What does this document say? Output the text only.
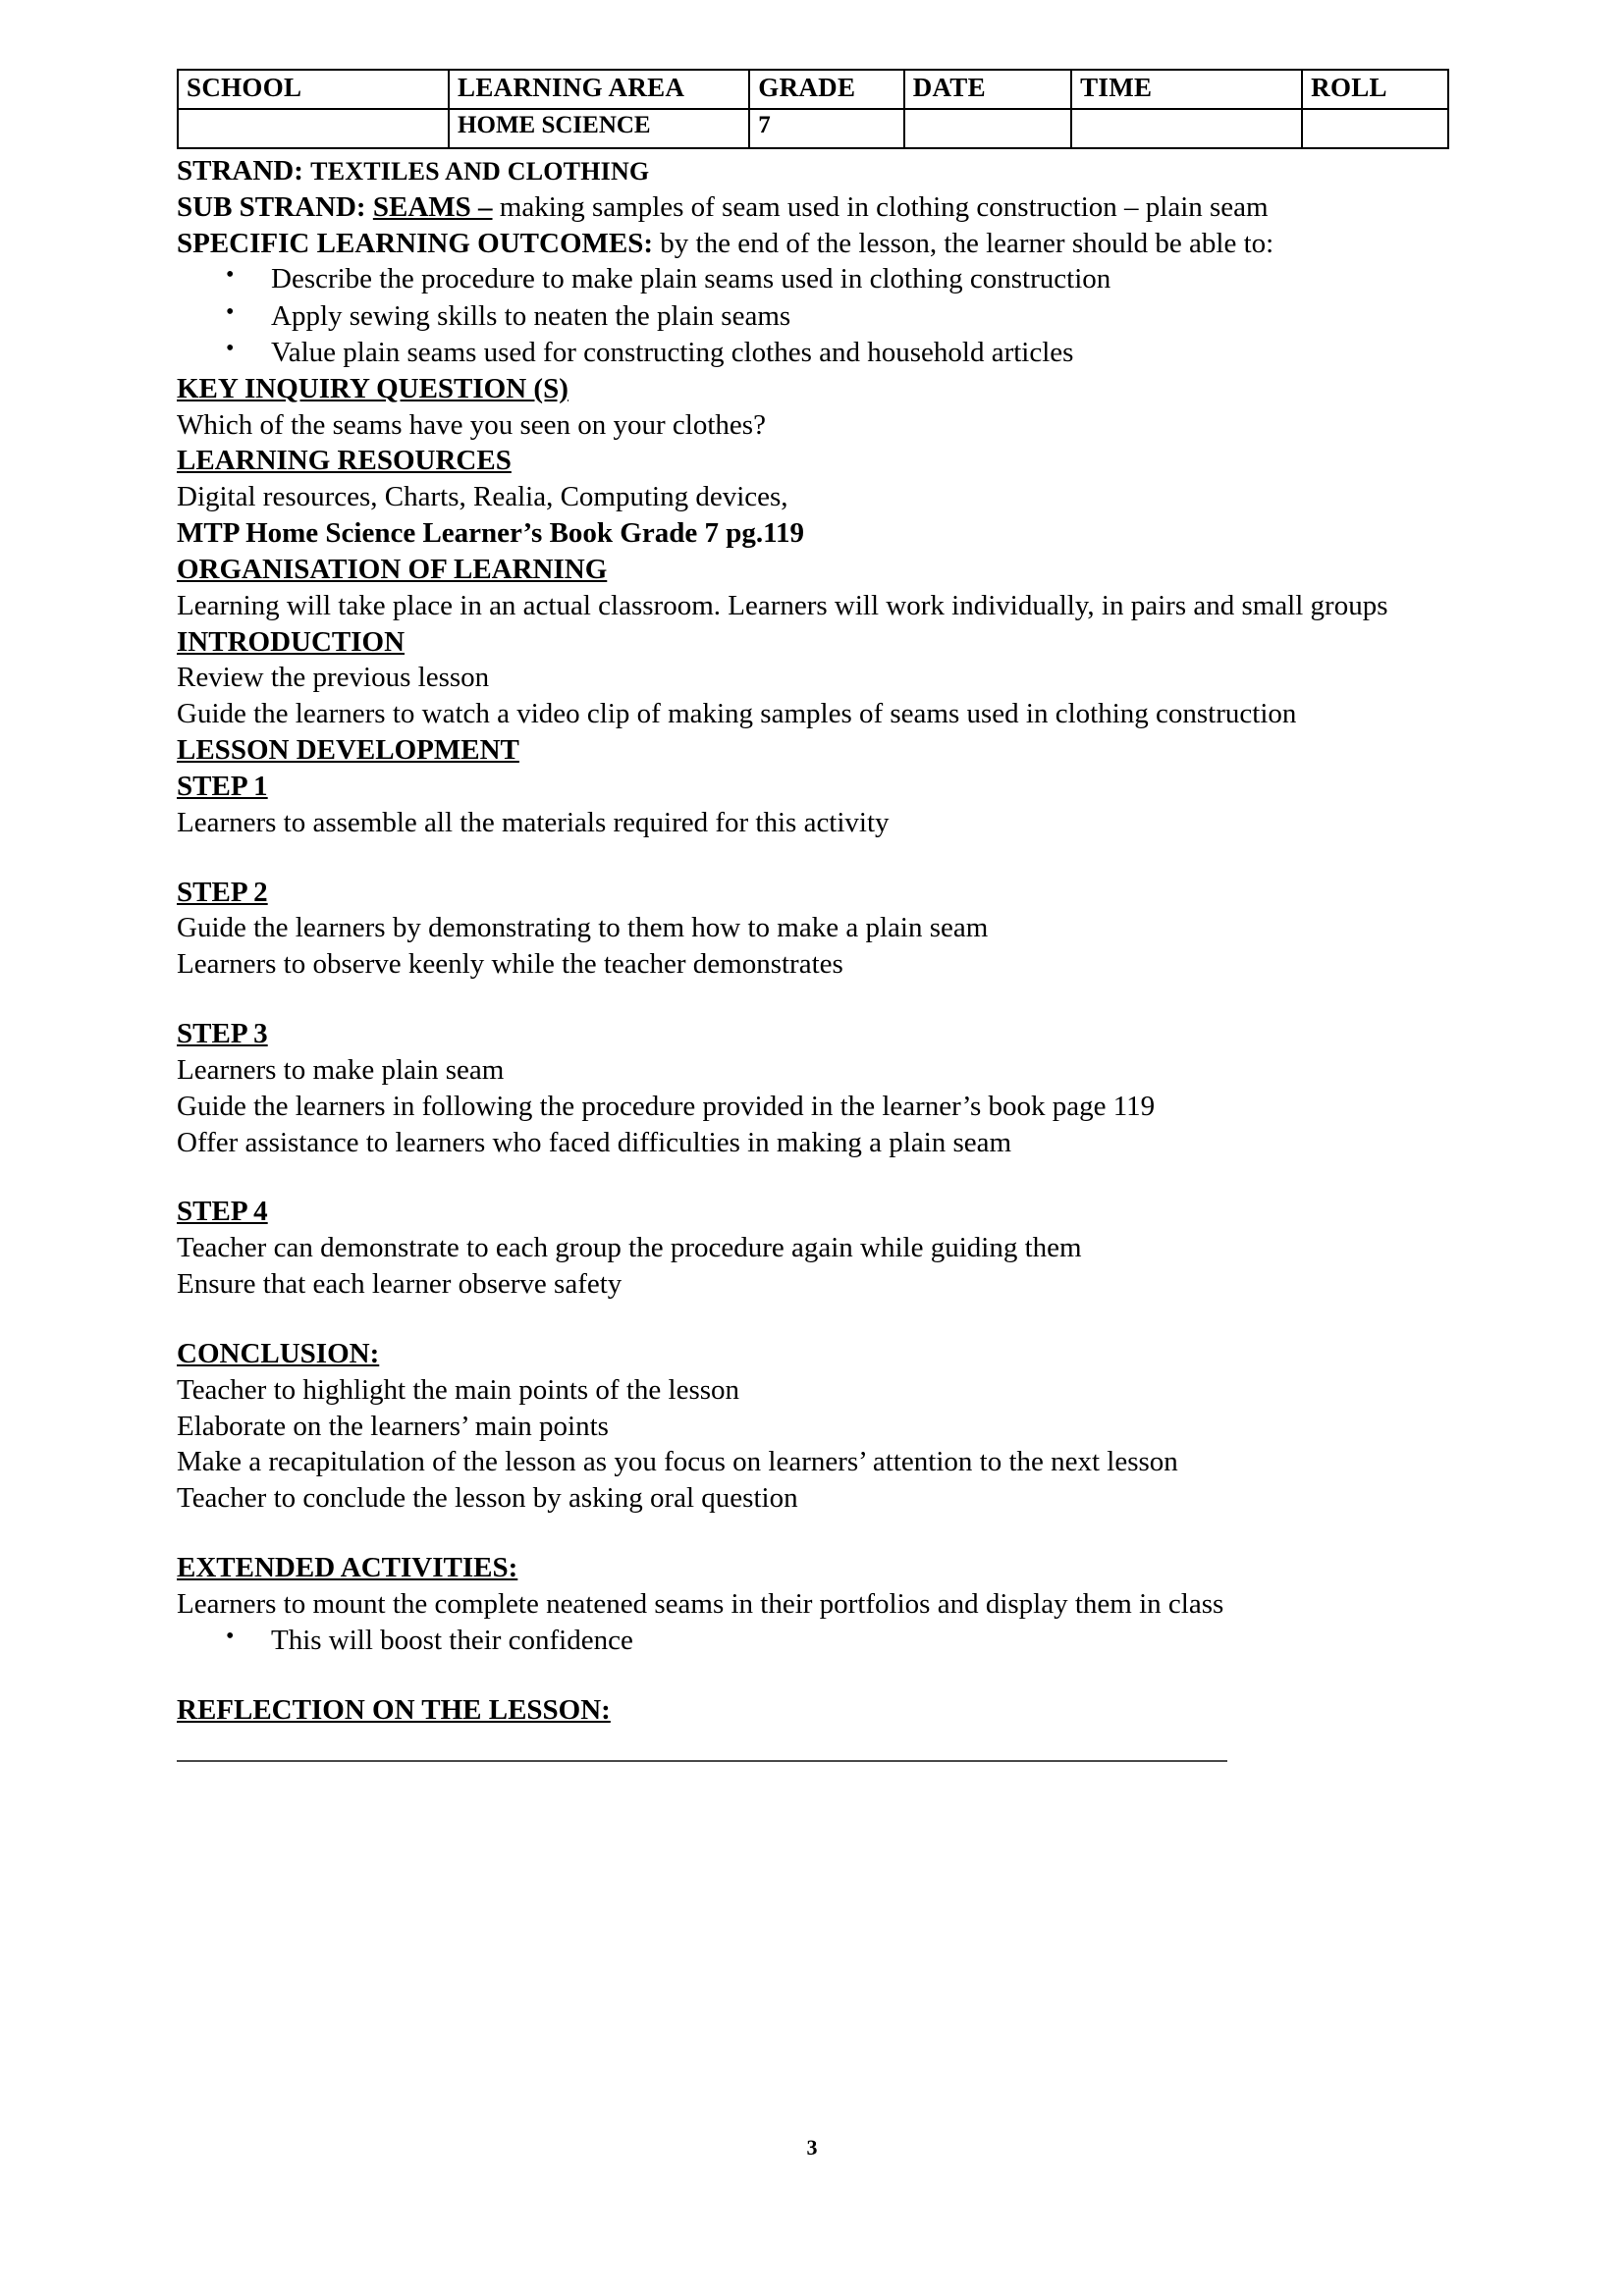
SCHOOL	LEARNING AREA	GRADE	DATE	TIME	ROLL
	HOME SCIENCE	7			

STRAND: TEXTILES AND CLOTHING

SUB STRAND: SEAMS – making samples of seam used in clothing construction – plain seam

SPECIFIC LEARNING OUTCOMES: by the end of the lesson, the learner should be able to:

• Describe the procedure to make plain seams used in clothing construction
• Apply sewing skills to neaten the plain seams
• Value plain seams used for constructing clothes and household articles

KEY INQUIRY QUESTION (S)

Which of the seams have you seen on your clothes?

LEARNING RESOURCES

Digital resources, Charts, Realia, Computing devices,

MTP Home Science Learner’s Book Grade 7 pg.119

ORGANISATION OF LEARNING

Learning will take place in an actual classroom. Learners will work individually, in pairs and small groups

INTRODUCTION

Review the previous lesson

Guide the learners to watch a video clip of making samples of seams used in clothing construction

LESSON DEVELOPMENT

STEP 1

Learners to assemble all the materials required for this activity

STEP 2

Guide the learners by demonstrating to them how to make a plain seam

Learners to observe keenly while the teacher demonstrates

STEP 3

Learners to make plain seam

Guide the learners in following the procedure provided in the learner’s book page 119

Offer assistance to learners who faced difficulties in making a plain seam

STEP 4

Teacher can demonstrate to each group the procedure again while guiding them

Ensure that each learner observe safety

CONCLUSION:

Teacher to highlight the main points of the lesson

Elaborate on the learners’ main points

Make a recapitulation of the lesson as you focus on learners’ attention to the next lesson

Teacher to conclude the lesson by asking oral question

EXTENDED ACTIVITIES:

Learners to mount the complete neatened seams in their portfolios and display them in class

• This will boost their confidence

REFLECTION ON THE LESSON:

3
